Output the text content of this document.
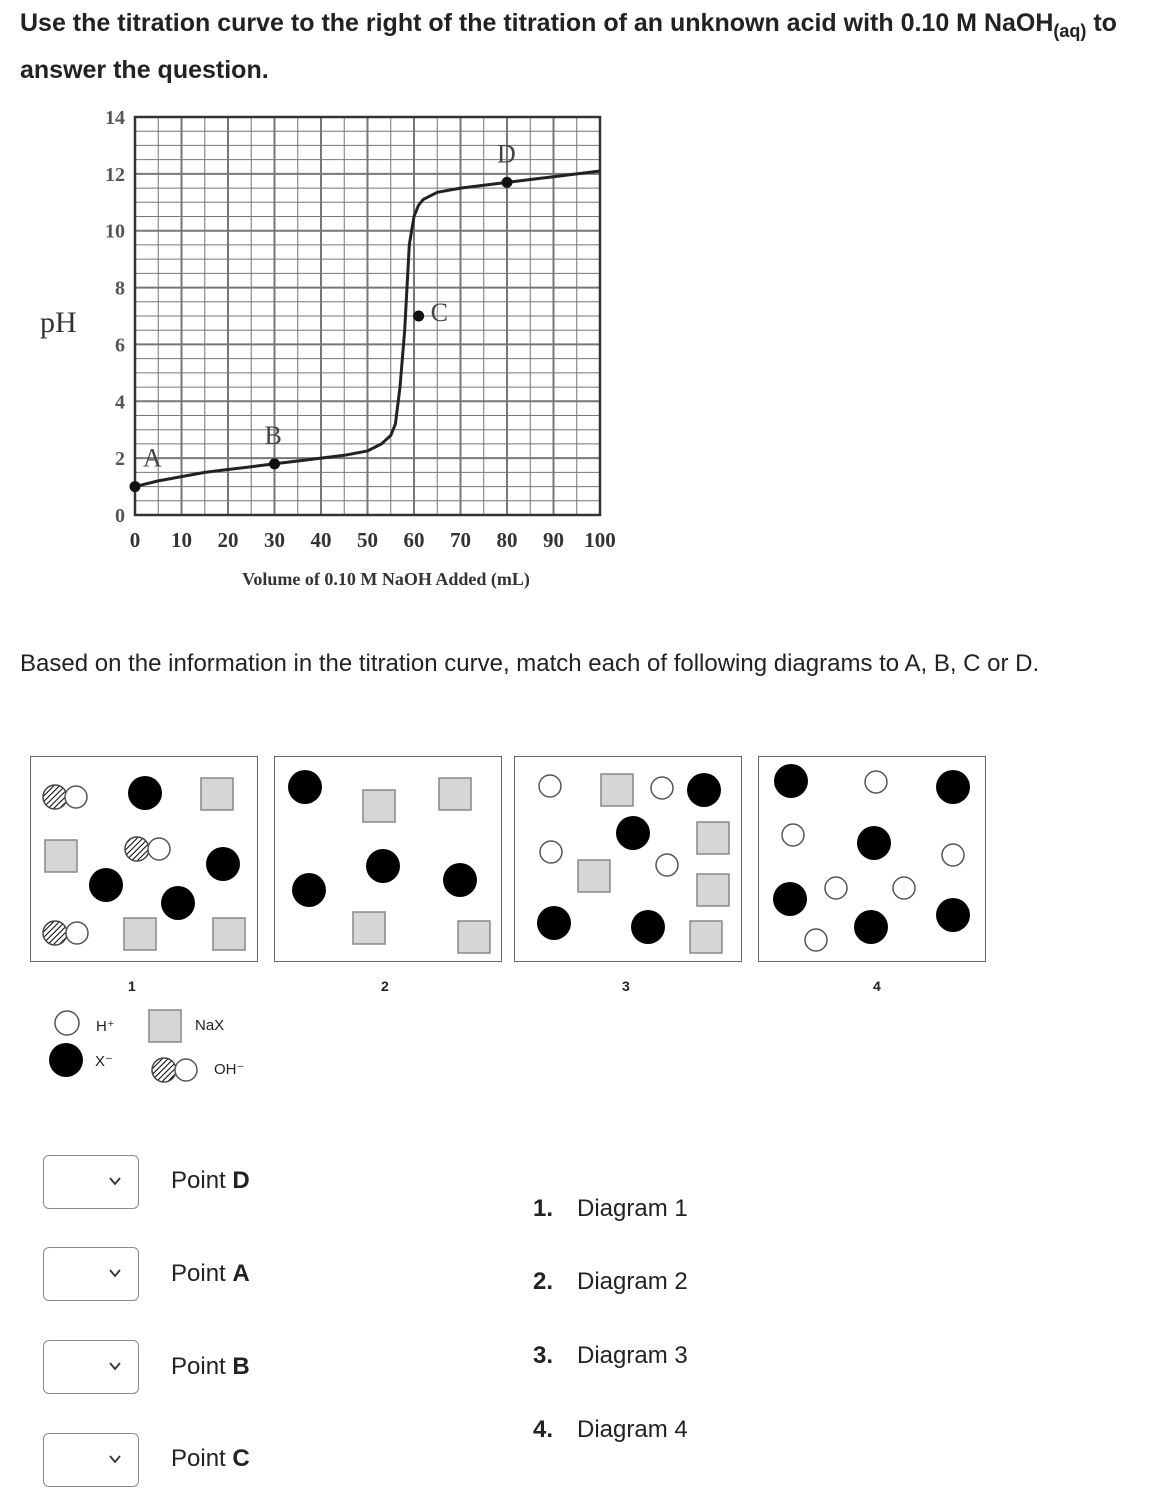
Use the titration curve to the right of the titration of an unknown acid with 0.10 M NaOH$_{(aq)}$ to answer the question.

0 10 20 30 40 50 60 70 80 90 100
0
2
4
6
8
10
12
14
A
B
C
D
pH
Volume of 0.10 M NaOH Added (mL)

Based on the information in the titration curve, match each of following diagrams to A, B, C or D.

1	2	3	4
H⁺
X⁻
NaX
OH⁻
Point D
Point A
Point B
Point C
1. Diagram 1
2. Diagram 2
3. Diagram 3
4. Diagram 4
